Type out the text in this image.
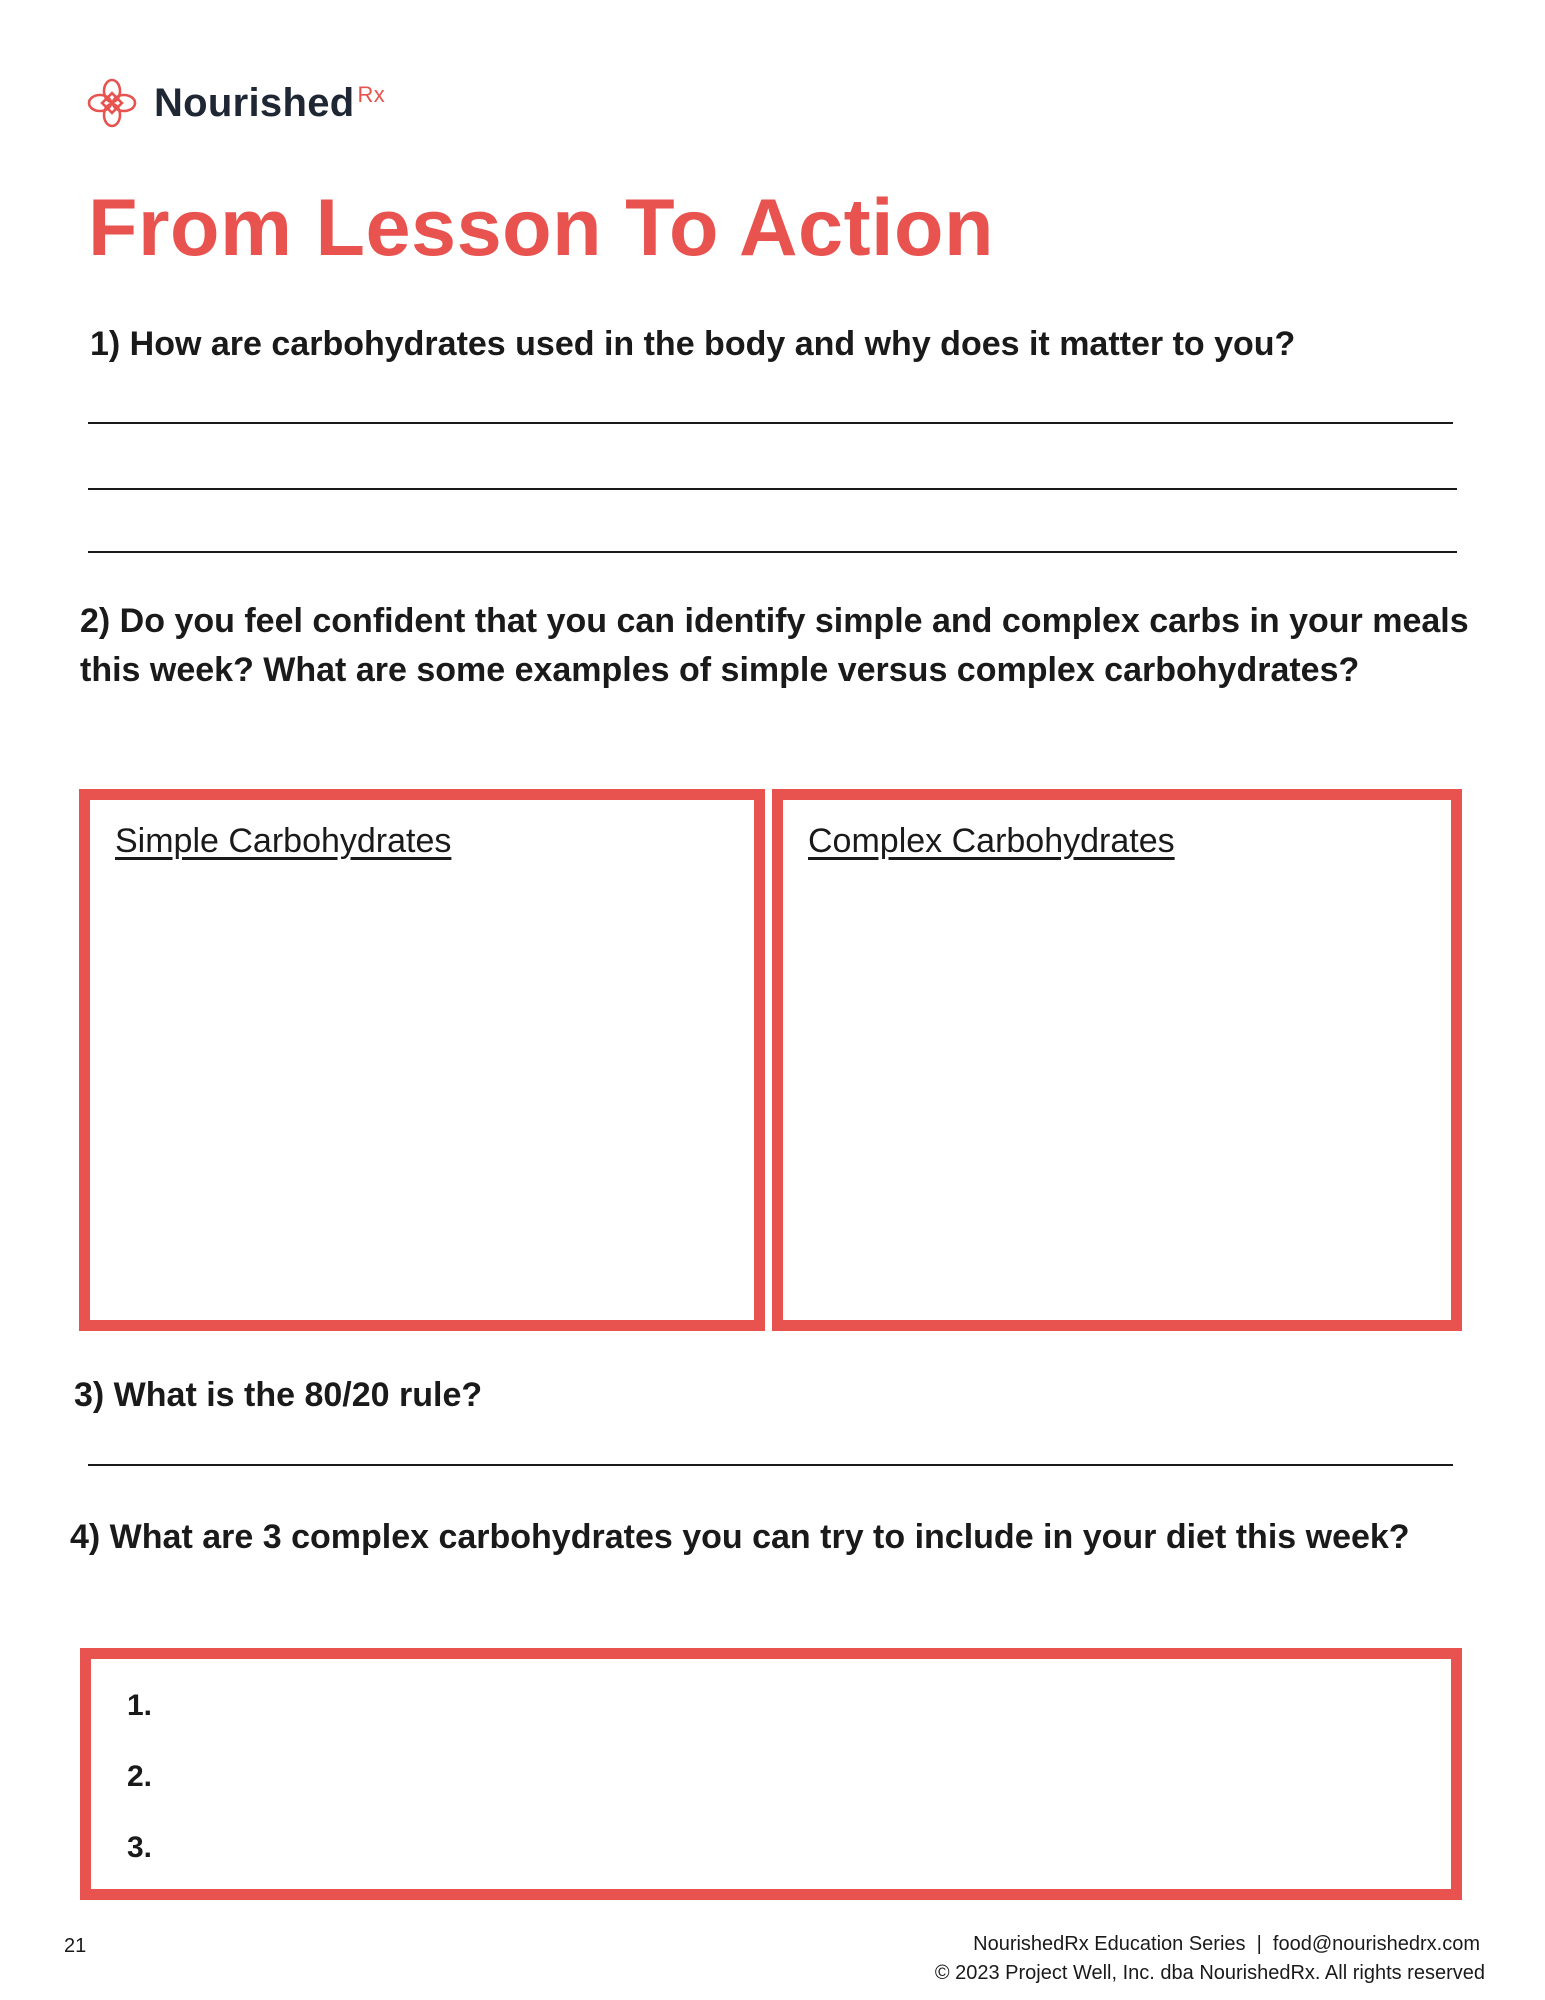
Nourished $^{Rx}$
From Lesson To Action
1) How are carbohydrates used in the body and why does it matter to you?
2) Do you feel confident that you can identify simple and complex carbs in your meals this week? What are some examples of simple versus complex carbohydrates?
Simple Carbohydrates	Complex Carbohydrates
3) What is the 80/20 rule?
4) What are 3 complex carbohydrates you can try to include in your diet this week?
1.
2.
3.
21	NourishedRx Education Series  |  food@nourishedrx.com
© 2023 Project Well, Inc. dba NourishedRx. All rights reserved
